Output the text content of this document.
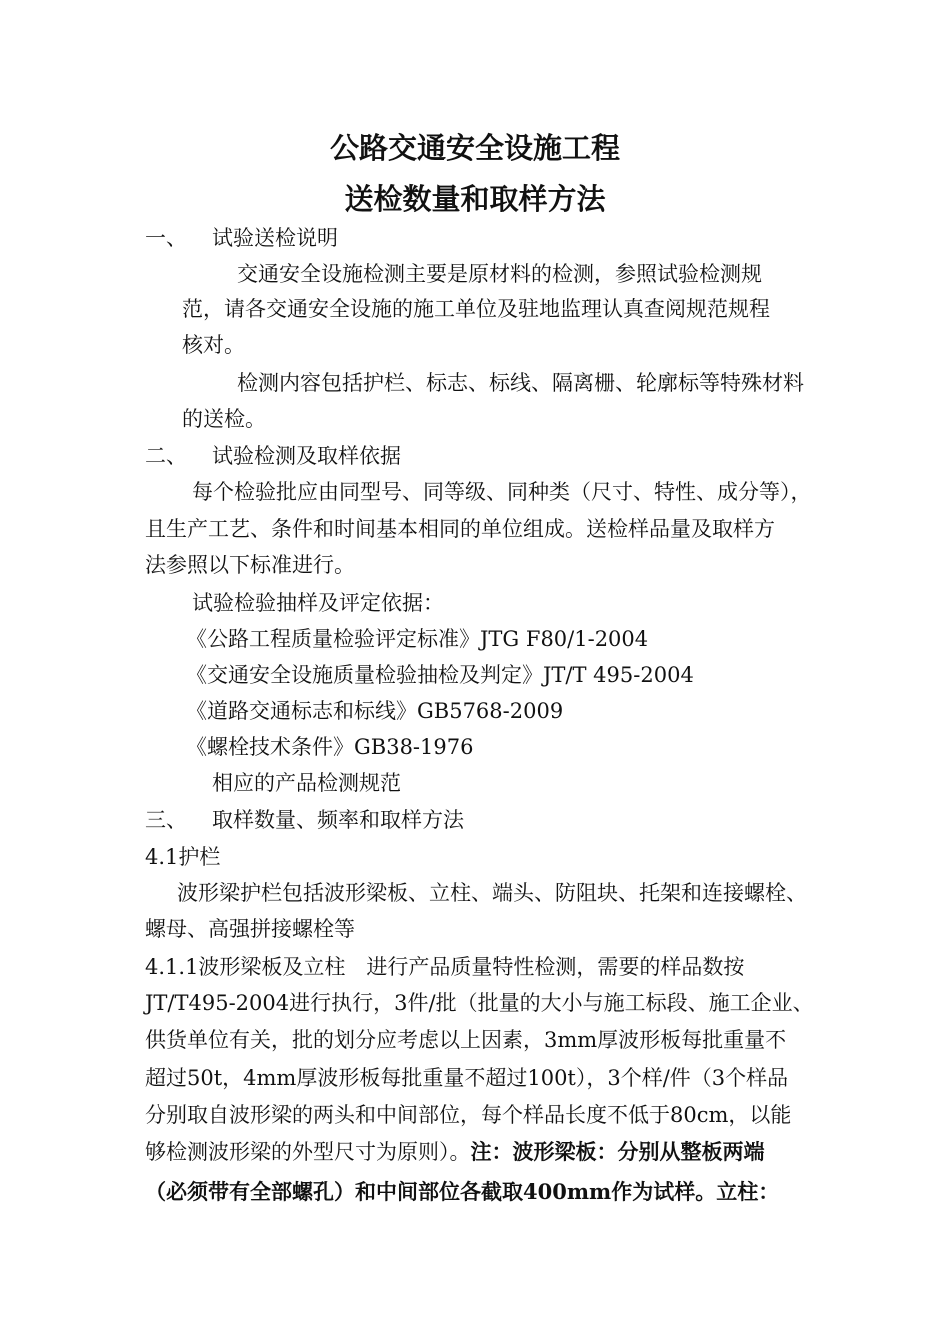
公路交通安全设施工程
送检数量和取样方法
一、 试验送检说明
交通安全设施检测主要是原材料的检测，参照试验检测规
范，请各交通安全设施的施工单位及驻地监理认真查阅规范规程
核对。
检测内容包括护栏、标志、标线、隔离栅、轮廓标等特殊材料
的送检。
二、 试验检测及取样依据
每个检验批应由同型号、同等级、同种类（尺寸、特性、成分等），
且生产工艺、条件和时间基本相同的单位组成。送检样品量及取样方
法参照以下标准进行。
试验检验抽样及评定依据：
《公路工程质量检验评定标准》JTG F80/1-2004
《交通安全设施质量检验抽检及判定》JT/T 495-2004
《道路交通标志和标线》GB5768-2009
《螺栓技术条件》GB38-1976
相应的产品检测规范
三、 取样数量、频率和取样方法
4.1护栏
波形梁护栏包括波形梁板、立柱、端头、防阻块、托架和连接螺栓、
螺母、高强拼接螺栓等
4.1.1波形梁板及立柱　进行产品质量特性检测，需要的样品数按
JT/T495-2004进行执行，3件/批（批量的大小与施工标段、施工企业、
供货单位有关，批的划分应考虑以上因素，3mm厚波形板每批重量不
超过50t，4mm厚波形板每批重量不超过100t），3个样/件（3个样品
分别取自波形梁的两头和中间部位，每个样品长度不低于80cm，以能
够检测波形梁的外型尺寸为原则）。注：波形梁板：分别从整板两端
（必须带有全部螺孔）和中间部位各截取400mm作为试样。立柱：
